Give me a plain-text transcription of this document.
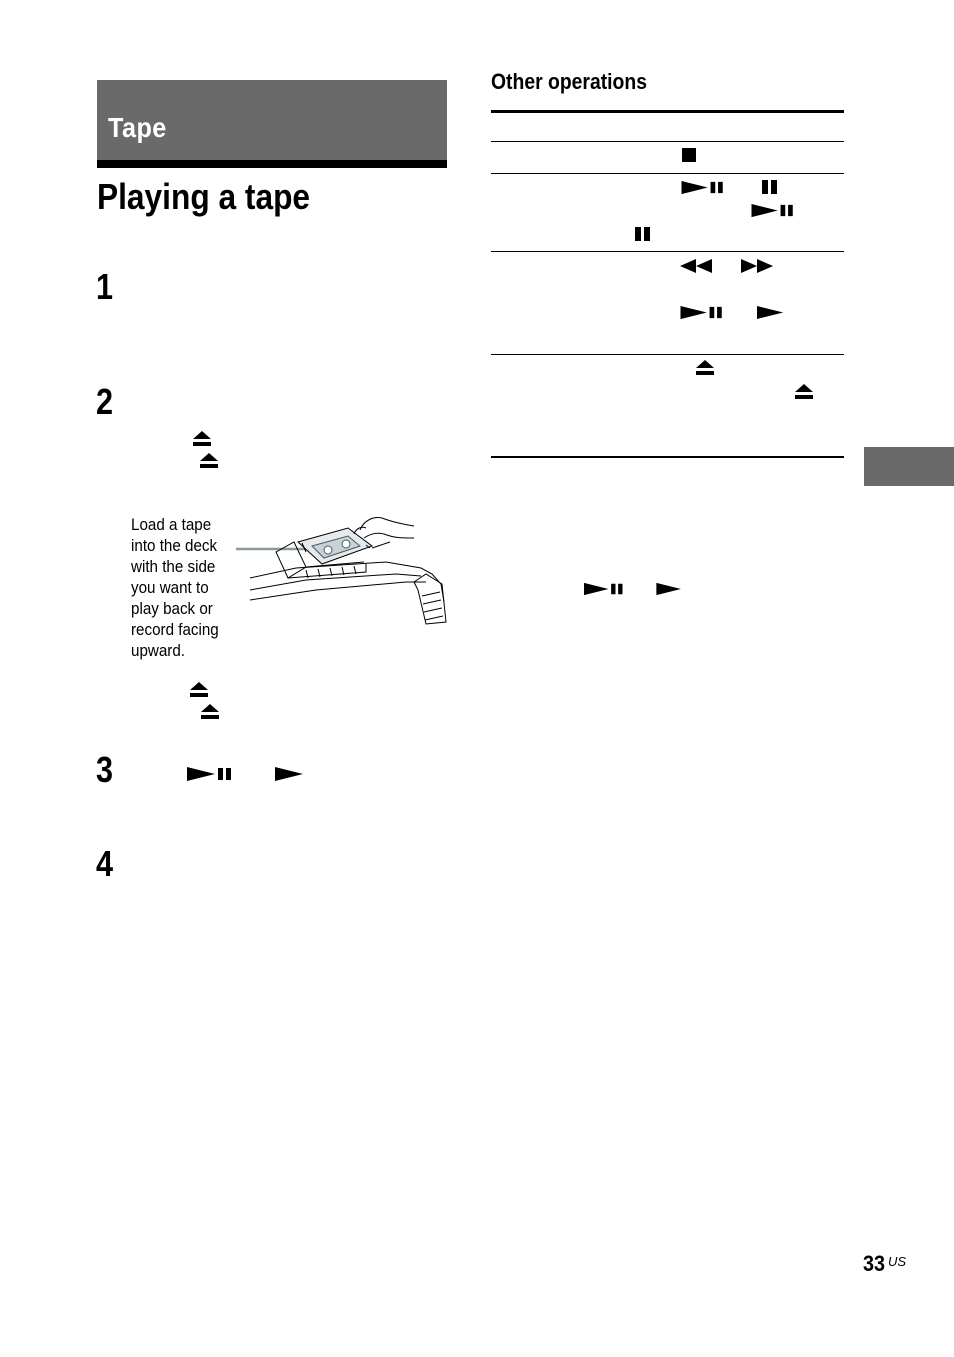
Tape
Playing a tape
1
2
3
4
Load a tape into the deck with the side you want to play back or record facing upward.
Other operations
33 US
